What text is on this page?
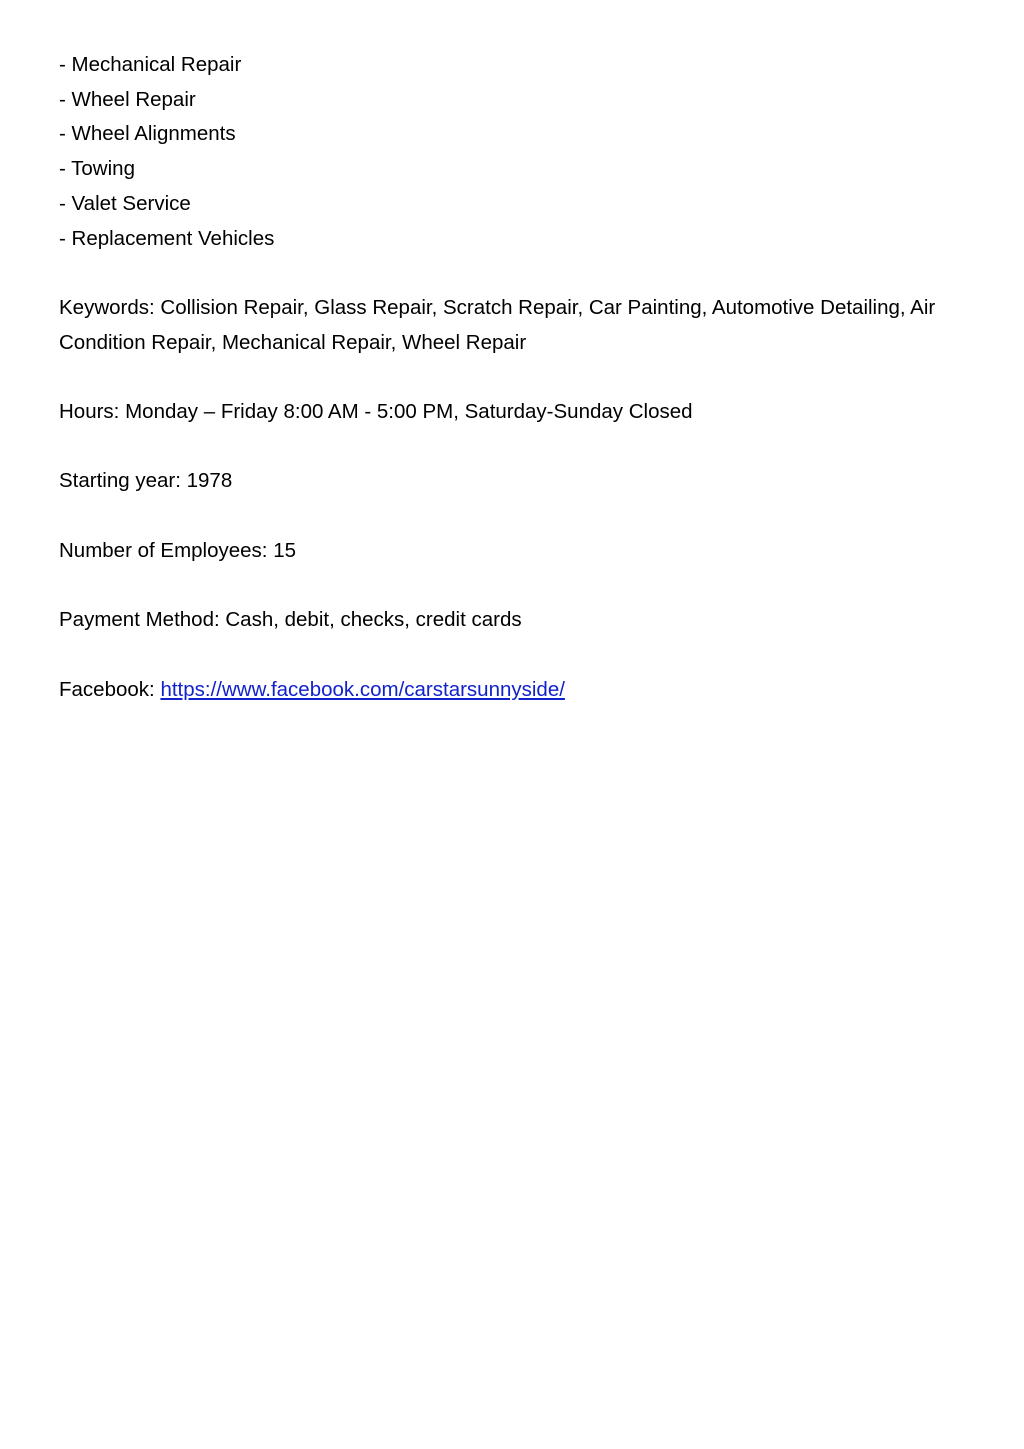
- Mechanical Repair
- Wheel Repair
- Wheel Alignments
- Towing
- Valet Service
- Replacement Vehicles

Keywords: Collision Repair, Glass Repair, Scratch Repair, Car Painting, Automotive Detailing, Air Condition Repair, Mechanical Repair, Wheel Repair

Hours: Monday – Friday 8:00 AM - 5:00 PM, Saturday-Sunday Closed

Starting year: 1978

Number of Employees: 15

Payment Method: Cash, debit, checks, credit cards

Facebook: https://www.facebook.com/carstarsunnyside/
